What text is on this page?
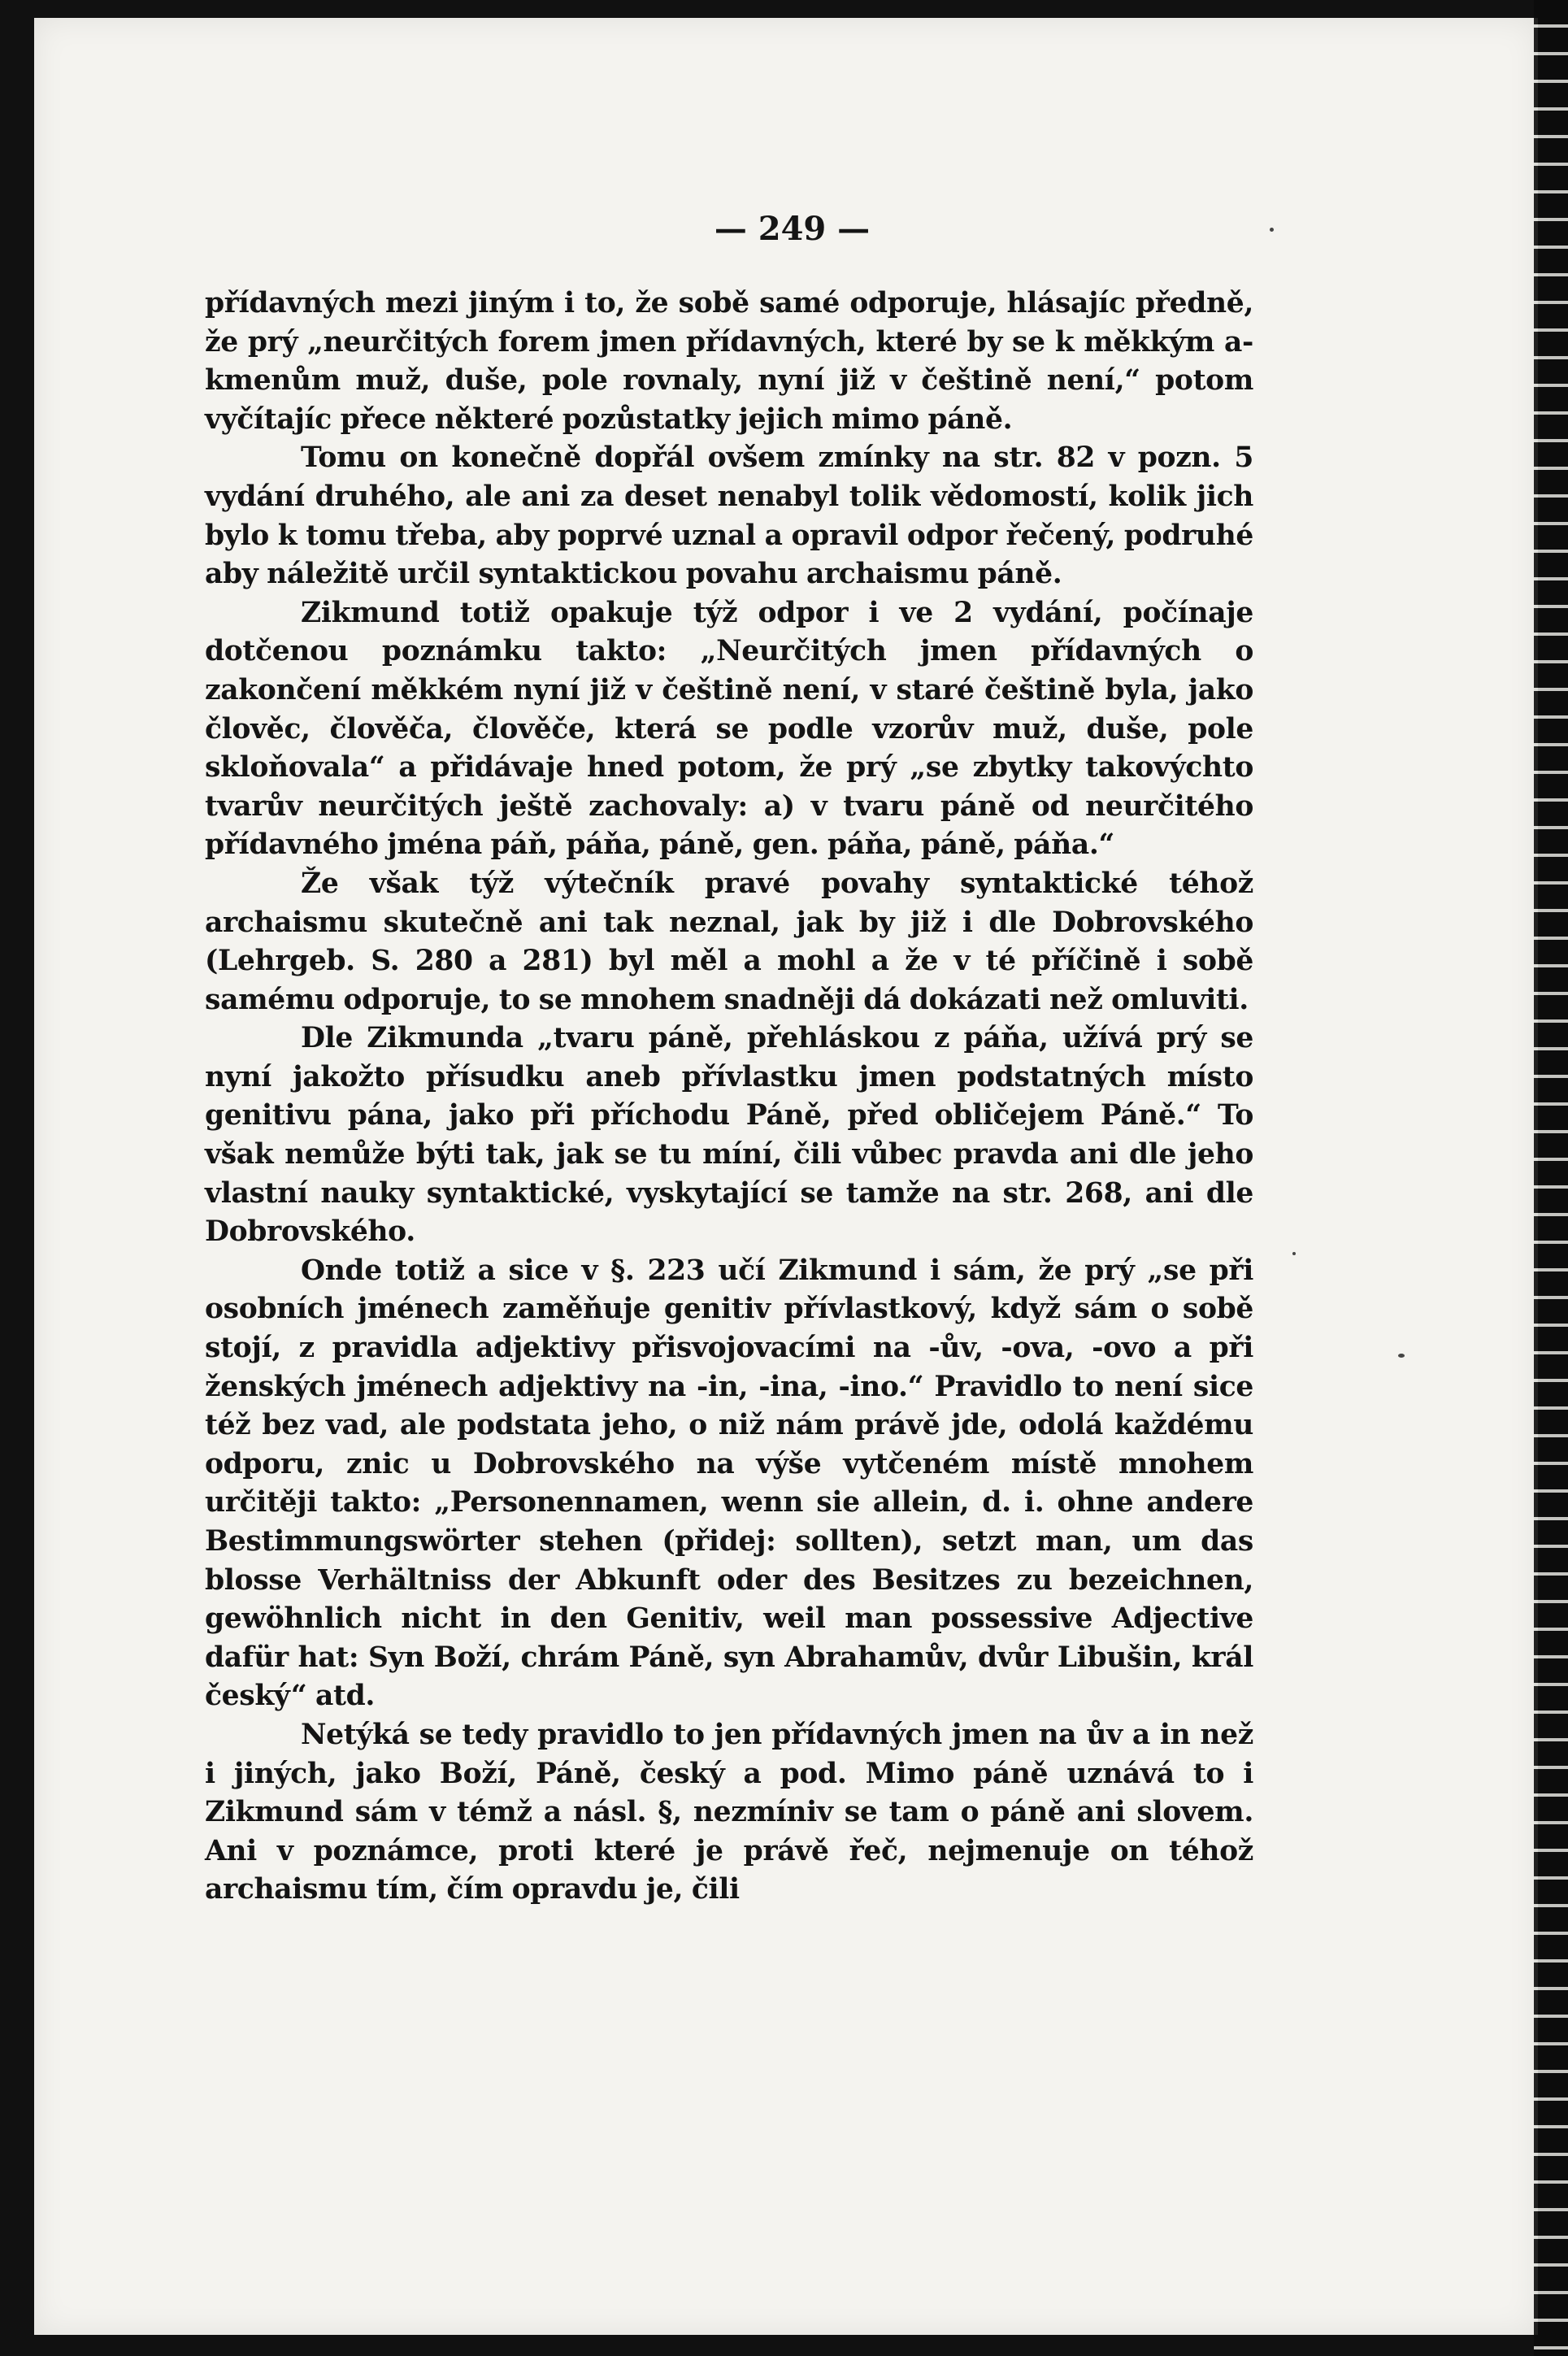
— 249 —

přídavných mezi jiným i to, že sobě samé odporuje, hlásajíc předně, že prý „neurčitých forem jmen přídavných, které by se k měkkým a-kmenům muž, duše, pole rovnaly, nyní již v češtině není,“ potom vyčítajíc přece některé pozůstatky jejich mimo páně.

Tomu on konečně dopřál ovšem zmínky na str. 82 v pozn. 5 vydání druhého, ale ani za deset nenabyl tolik vědomostí, kolik jich bylo k tomu třeba, aby poprvé uznal a opravil odpor řečený, podruhé aby náležitě určil syntaktickou povahu archaismu páně.

Zikmund totiž opakuje týž odpor i ve 2 vydání, počínaje dotčenou poznámku takto: „Neurčitých jmen přídavných o zakončení měkkém nyní již v češtině není, v staré češtině byla, jako člověc, člověča, člověče, která se podle vzorův muž, duše, pole skloňovala“ a přidávaje hned potom, že prý „se zbytky takovýchto tvarův neurčitých ještě zachovaly: a) v tvaru páně od neurčitého přídavného jména páň, páňa, páně, gen. páňa, páně, páňa.“

Že však týž výtečník pravé povahy syntaktické téhož archaismu skutečně ani tak neznal, jak by již i dle Dobrovského (Lehrgeb. S. 280 a 281) byl měl a mohl a že v té příčině i sobě samému odporuje, to se mnohem snadněji dá dokázati než omluviti.

Dle Zikmunda „tvaru páně, přehláskou z páňa, užívá prý se nyní jakožto přísudku aneb přívlastku jmen podstatných místo genitivu pána, jako při příchodu Páně, před obličejem Páně.“ To však nemůže býti tak, jak se tu míní, čili vůbec pravda ani dle jeho vlastní nauky syntaktické, vyskytající se tamže na str. 268, ani dle Dobrovského.

Onde totiž a sice v §. 223 učí Zikmund i sám, že prý „se při osobních jménech zaměňuje genitiv přívlastkový, když sám o sobě stojí, z pravidla adjektivy přisvojovacími na -ův, -ova, -ovo a při ženských jménech adjektivy na -in, -ina, -ino.“ Pravidlo to není sice též bez vad, ale podstata jeho, o niž nám právě jde, odolá každému odporu, znic u Dobrovského na výše vytčeném místě mnohem určitěji takto: „Personennamen, wenn sie allein, d. i. ohne andere Bestimmungswörter stehen (přidej: sollten), setzt man, um das blosse Verhältniss der Abkunft oder des Besitzes zu bezeichnen, gewöhnlich nicht in den Genitiv, weil man possessive Adjective dafür hat: Syn Boží, chrám Páně, syn Abrahamův, dvůr Libušin, král český“ atd.

Netýká se tedy pravidlo to jen přídavných jmen na ův a in než i jiných, jako Boží, Páně, český a pod. Mimo páně uznává to i Zikmund sám v témž a násl. §, nezmíniv se tam o páně ani slovem. Ani v poznámce, proti které je právě řeč, nejmenuje on téhož archaismu tím, čím opravdu je, čili
